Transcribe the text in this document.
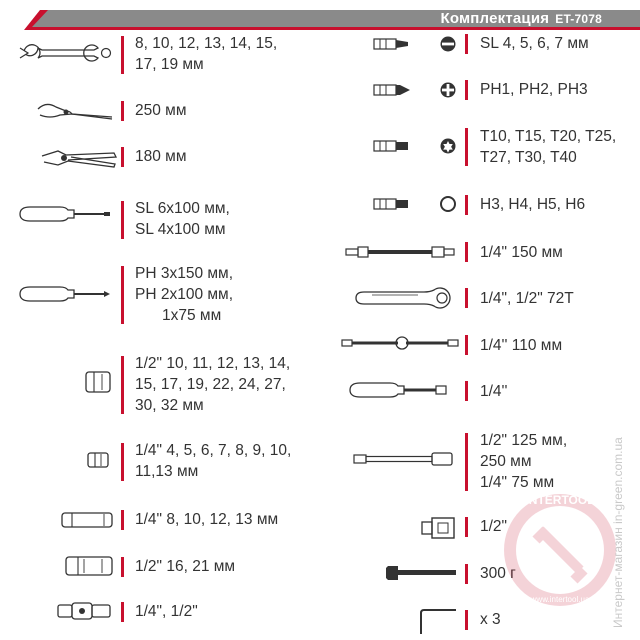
Комплектация ET-7078
8, 10, 12, 13, 14, 15,
17, 19 мм
250 мм
180 мм
SL 6x100 мм,
SL 4x100 мм
PH 3x150 мм,
PH 2x100 мм,
1x75 мм
1/2" 10, 11, 12, 13, 14,
15, 17, 19, 22, 24, 27,
30, 32 мм
1/4" 4, 5, 6, 7, 8, 9, 10,
11,13 мм
1/4" 8, 10, 12, 13 мм
1/2" 16, 21 мм
1/4", 1/2"
SL 4, 5, 6, 7 мм
PH1, PH2, PH3
T10, T15, T20, T25,
T27, T30, T40
H3, H4, H5, H6
1/4" 150 мм
1/4", 1/2" 72T
1/4'' 110 мм
1/4''
1/2" 125 мм,
250 мм
1/4" 75 мм
1/2"
300 г
x 3
INTERTOOL
www.intertool.ua Интернет-магазин in-green.com.ua
